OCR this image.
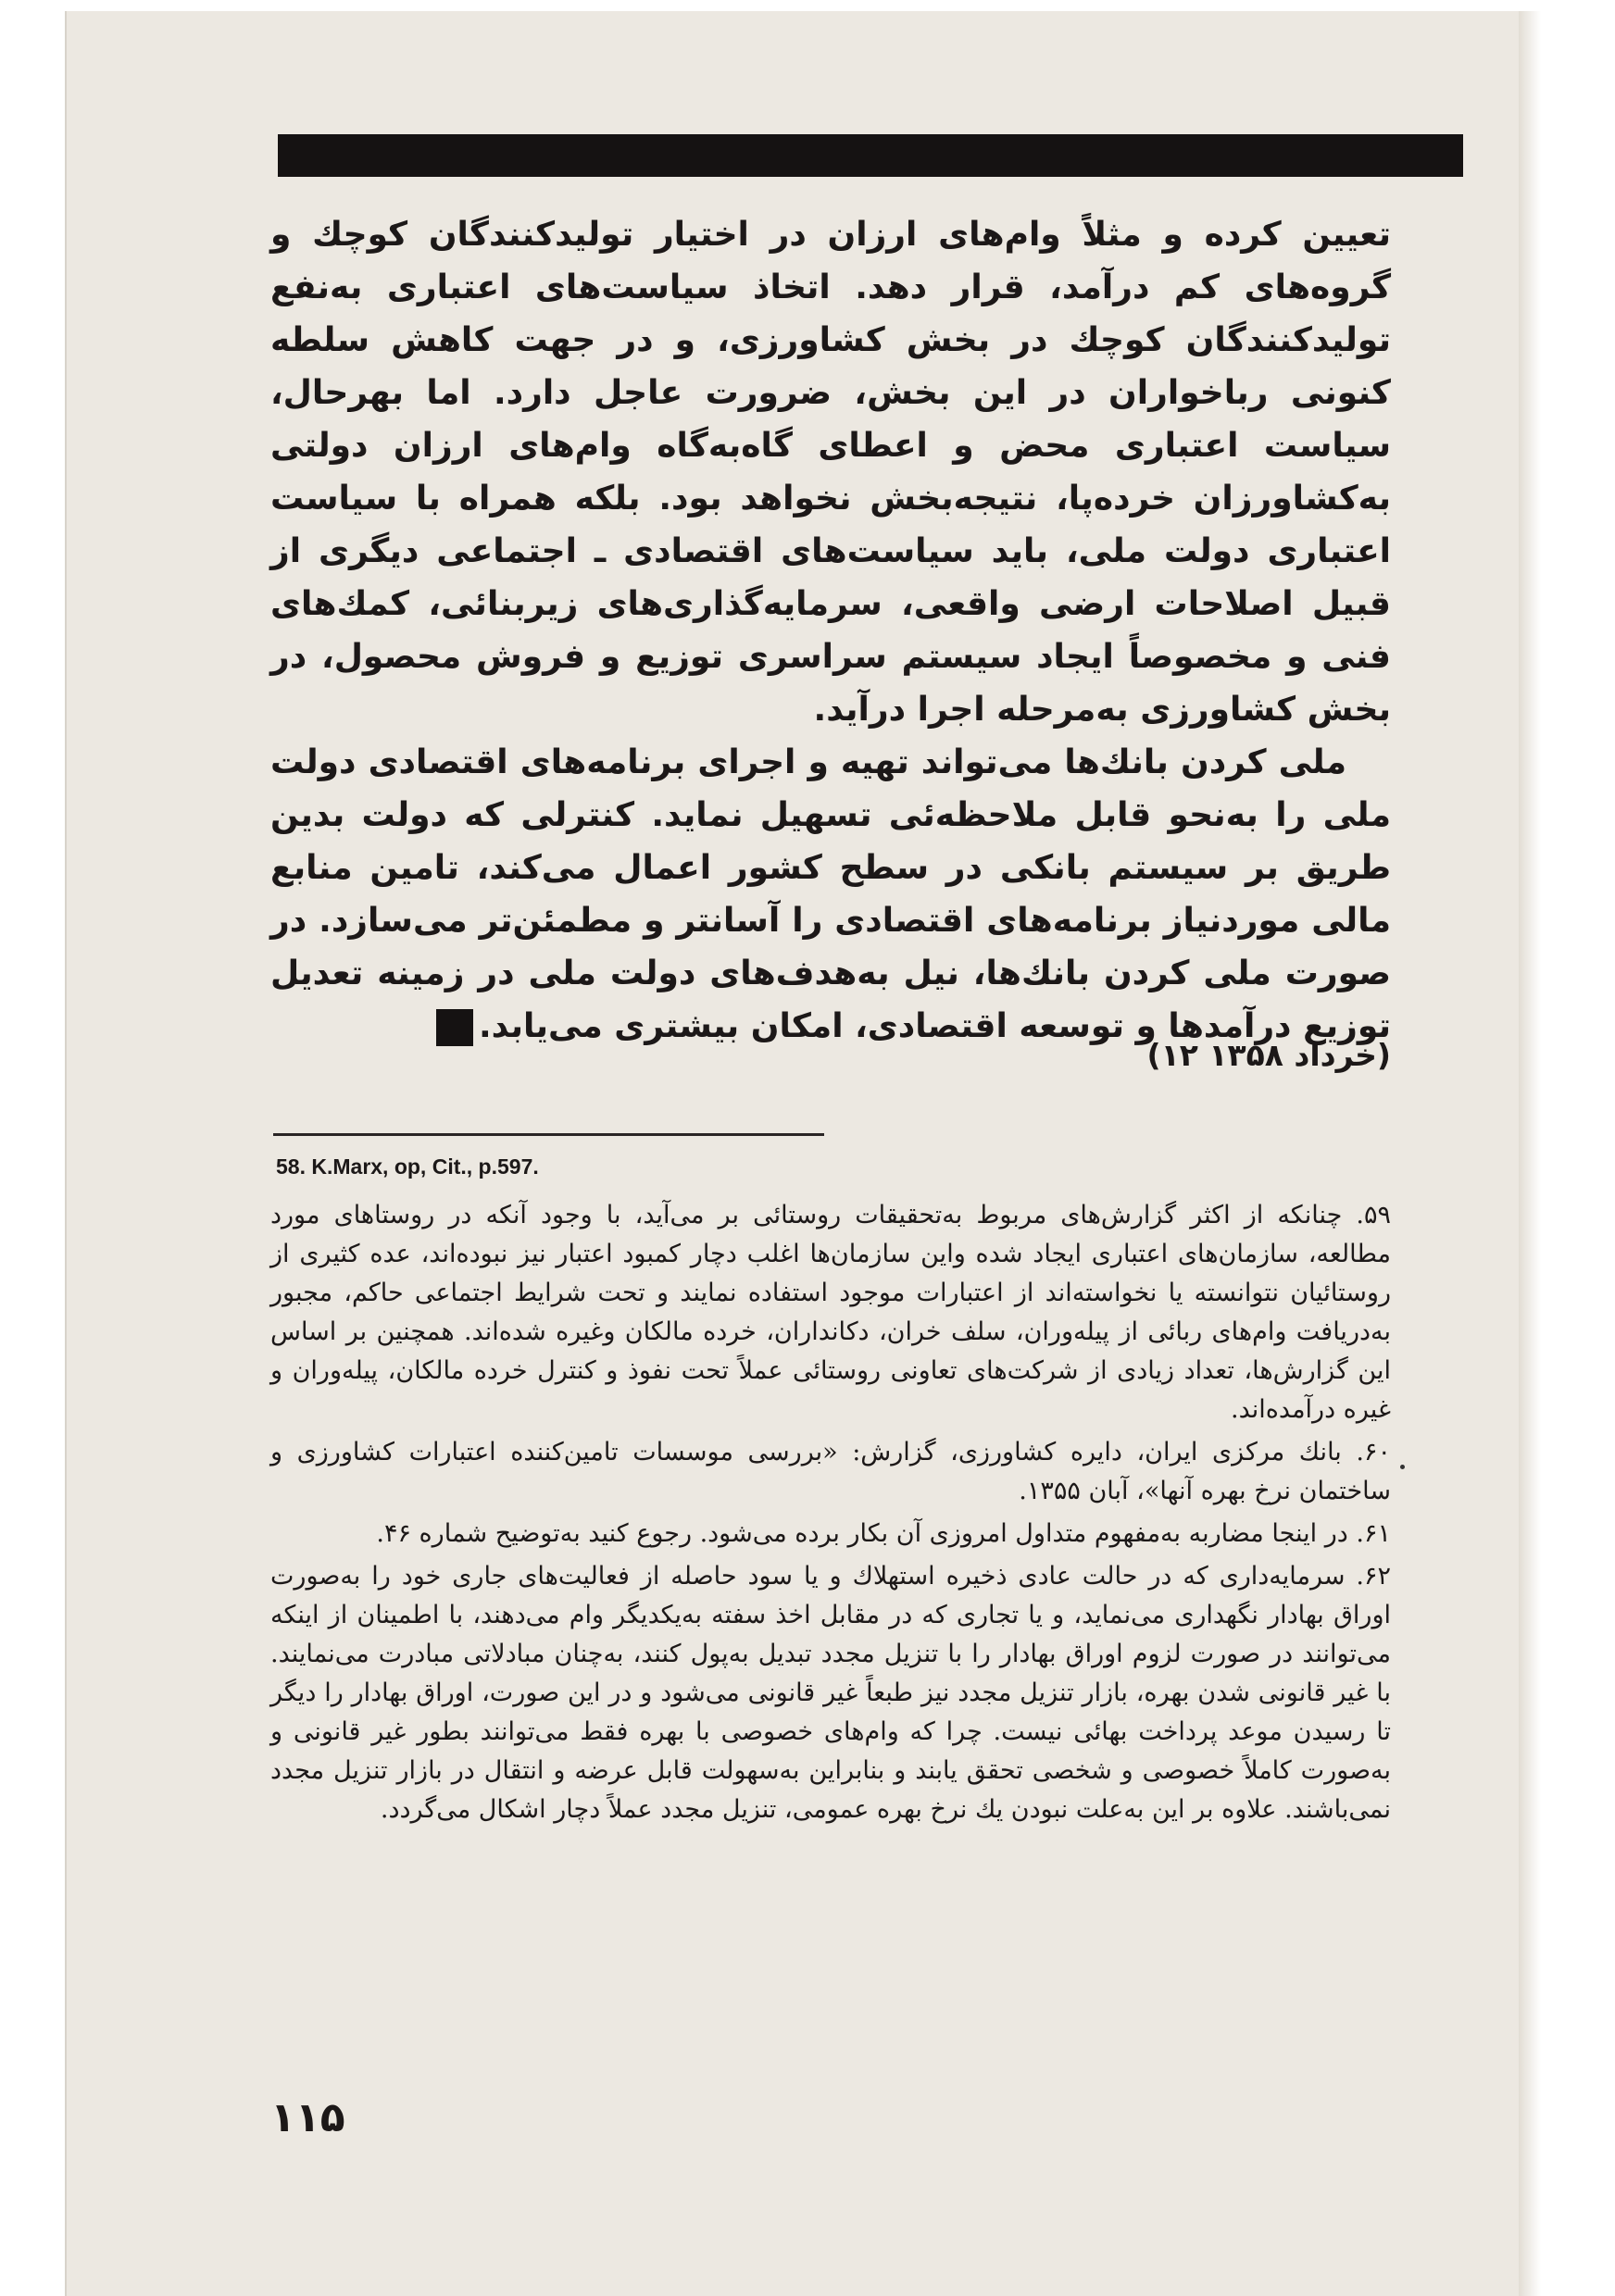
تعیین کرده و مثلاً وام‌های ارزان در اختیار تولیدکنندگان کوچك و گروه‌های کم درآمد، قرار دهد. اتخاذ سیاست‌های اعتباری به‌نفع تولیدکنندگان کوچك در بخش کشاورزی، و در جهت کاهش سلطه کنونی رباخواران در این بخش، ضرورت عاجل دارد. اما بهرحال، سیاست اعتباری محض و اعطای گاه‌به‌گاه وام‌های ارزان دولتی به‌کشاورزان خرده‌پا، نتیجه‌بخش نخواهد بود. بلکه همراه با سیاست اعتباری دولت ملی، باید سیاست‌های اقتصادی ـ اجتماعی دیگری از قبیل اصلاحات ارضی واقعی، سرمایه‌گذاری‌های زیربنائی، کمك‌های فنی و مخصوصاً ایجاد سیستم سراسری توزیع و فروش محصول، در بخش کشاورزی به‌مرحله اجرا درآید.

ملی کردن بانك‌ها می‌تواند تهیه و اجرای برنامه‌های اقتصادی دولت ملی را به‌نحو قابل ملاحظه‌ئی تسهیل نماید. کنترلی که دولت بدین طریق بر سیستم بانکی در سطح کشور اعمال می‌کند، تامین منابع مالی موردنیاز برنامه‌های اقتصادی را آسانتر و مطمئن‌تر می‌سازد. در صورت ملی کردن بانك‌ها، نیل به‌هدف‌های دولت ملی در زمینه تعدیل توزیع درآمدها و توسعه اقتصادی، امکان بیشتری می‌یابد.

(۱۲ خرداد ۱۳۵۸)
58. K.Marx, op, Cit., p.597.

۵۹. چنانکه از اکثر گزارش‌های مربوط به‌تحقیقات روستائی بر می‌آید، با وجود آنکه در روستاهای مورد مطالعه، سازمان‌های اعتباری ایجاد شده واین سازمان‌ها اغلب دچار کمبود اعتبار نیز نبوده‌اند، عده کثیری از روستائیان نتوانسته یا نخواسته‌اند از اعتبارات موجود استفاده نمایند و تحت شرایط اجتماعی حاکم، مجبور به‌دریافت وام‌های ربائی از پیله‌وران، سلف خران، دکانداران، خرده مالکان وغیره شده‌اند. همچنین بر اساس این گزارش‌ها، تعداد زیادی از شرکت‌های تعاونی روستائی عملاً تحت نفوذ و کنترل خرده مالکان، پیله‌وران و غیره درآمده‌اند.

۶۰. بانك مرکزی ایران، دایره کشاورزی، گزارش: «بررسی موسسات تامین‌کننده اعتبارات کشاورزی و ساختمان نرخ بهره آنها»، آبان ۱۳۵۵.

۶۱. در اینجا مضاربه به‌مفهوم متداول امروزی آن بکار برده می‌شود. رجوع کنید به‌توضیح شماره ۴۶.

۶۲. سرمایه‌داری که در حالت عادی ذخیره استهلاك و یا سود حاصله از فعالیت‌های جاری خود را به‌صورت اوراق بهادار نگهداری می‌نماید، و یا تجاری که در مقابل اخذ سفته به‌یکدیگر وام می‌دهند، با اطمینان از اینکه می‌توانند در صورت لزوم اوراق بهادار را با تنزیل مجدد تبدیل به‌پول کنند، به‌چنان مبادلاتی مبادرت می‌نمایند. با غیر قانونی شدن بهره، بازار تنزیل مجدد نیز طبعاً غیر قانونی می‌شود و در این صورت، اوراق بهادار را دیگر تا رسیدن موعد پرداخت بهائی نیست. چرا که وام‌های خصوصی با بهره فقط می‌توانند بطور غیر قانونی و به‌صورت کاملاً خصوصی و شخصی تحقق یابند و بنابراین به‌سهولت قابل عرضه و انتقال در بازار تنزیل مجدد نمی‌باشند. علاوه بر این به‌علت نبودن یك نرخ بهره عمومی، تنزیل مجدد عملاً دچار اشکال می‌گردد.

۱۱۵
